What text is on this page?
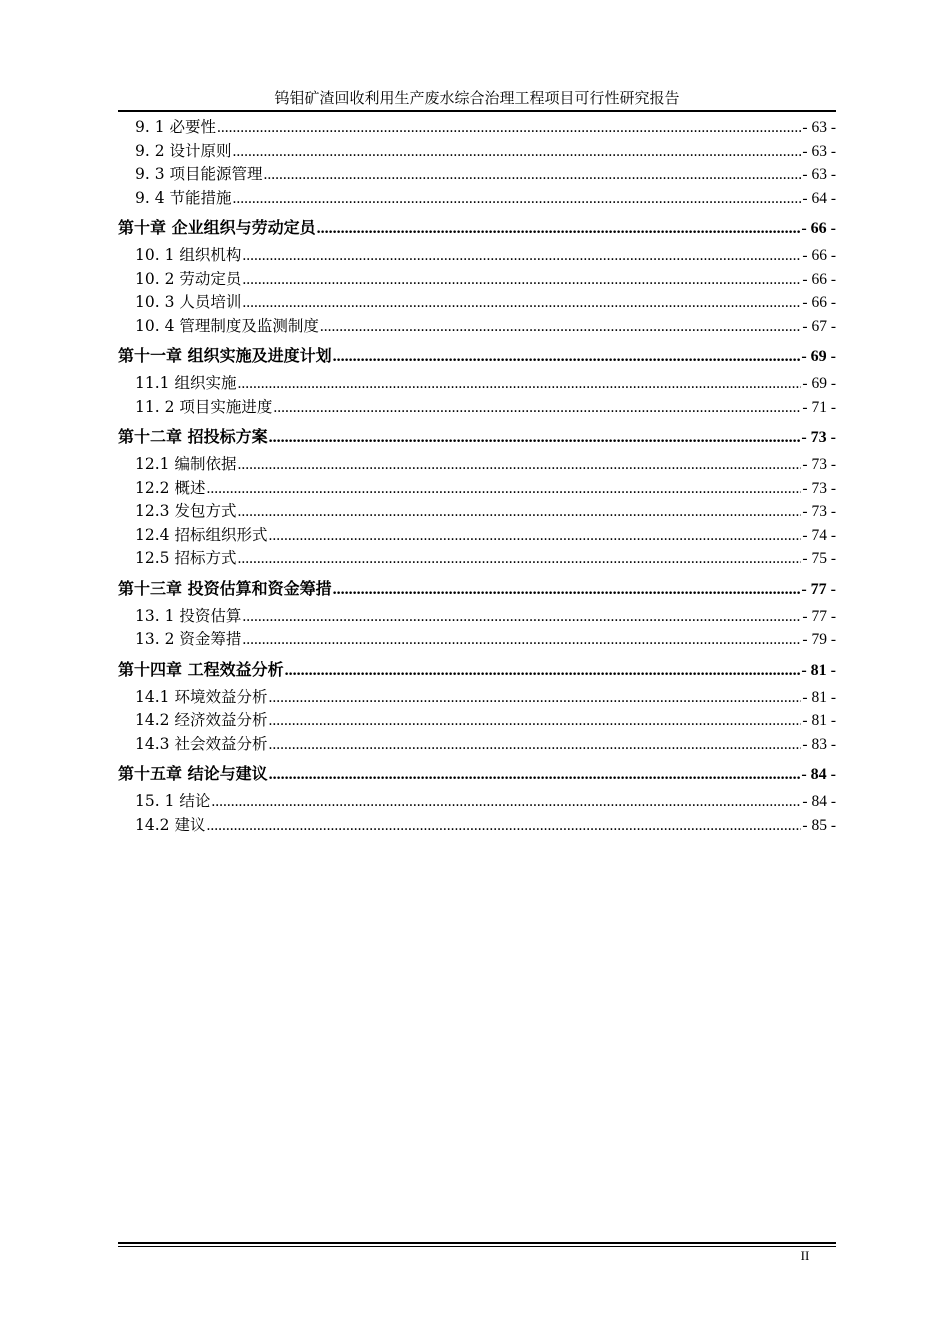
钨钼矿渣回收利用生产废水综合治理工程项目可行性研究报告
9. 1 必要性 .....	- 63 -
9. 2 设计原则 .....	- 63 -
9. 3 项目能源管理 .....	- 63 -
9. 4 节能措施 .....	- 64 -
第十章 企业组织与劳动定员 .....	- 66 -
10. 1 组织机构 .....	- 66 -
10. 2 劳动定员 .....	- 66 -
10. 3 人员培训 .....	- 66 -
10. 4 管理制度及监测制度 .....	- 67 -
第十一章 组织实施及进度计划 .....	- 69 -
11.1 组织实施 .....	- 69 -
11. 2 项目实施进度 .....	- 71 -
第十二章 招投标方案 .....	- 73 -
12.1 编制依据 .....	- 73 -
12.2 概述 .....	- 73 -
12.3 发包方式 .....	- 73 -
12.4 招标组织形式 .....	- 74 -
12.5 招标方式 .....	- 75 -
第十三章 投资估算和资金筹措 .....	- 77 -
13. 1 投资估算 .....	- 77 -
13. 2 资金筹措 .....	- 79 -
第十四章 工程效益分析 .....	- 81 -
14.1 环境效益分析 .....	- 81 -
14.2 经济效益分析 .....	- 81 -
14.3 社会效益分析 .....	- 83 -
第十五章 结论与建议 .....	- 84 -
15. 1 结论 .....	- 84 -
14.2 建议 .....	- 85 -
II
